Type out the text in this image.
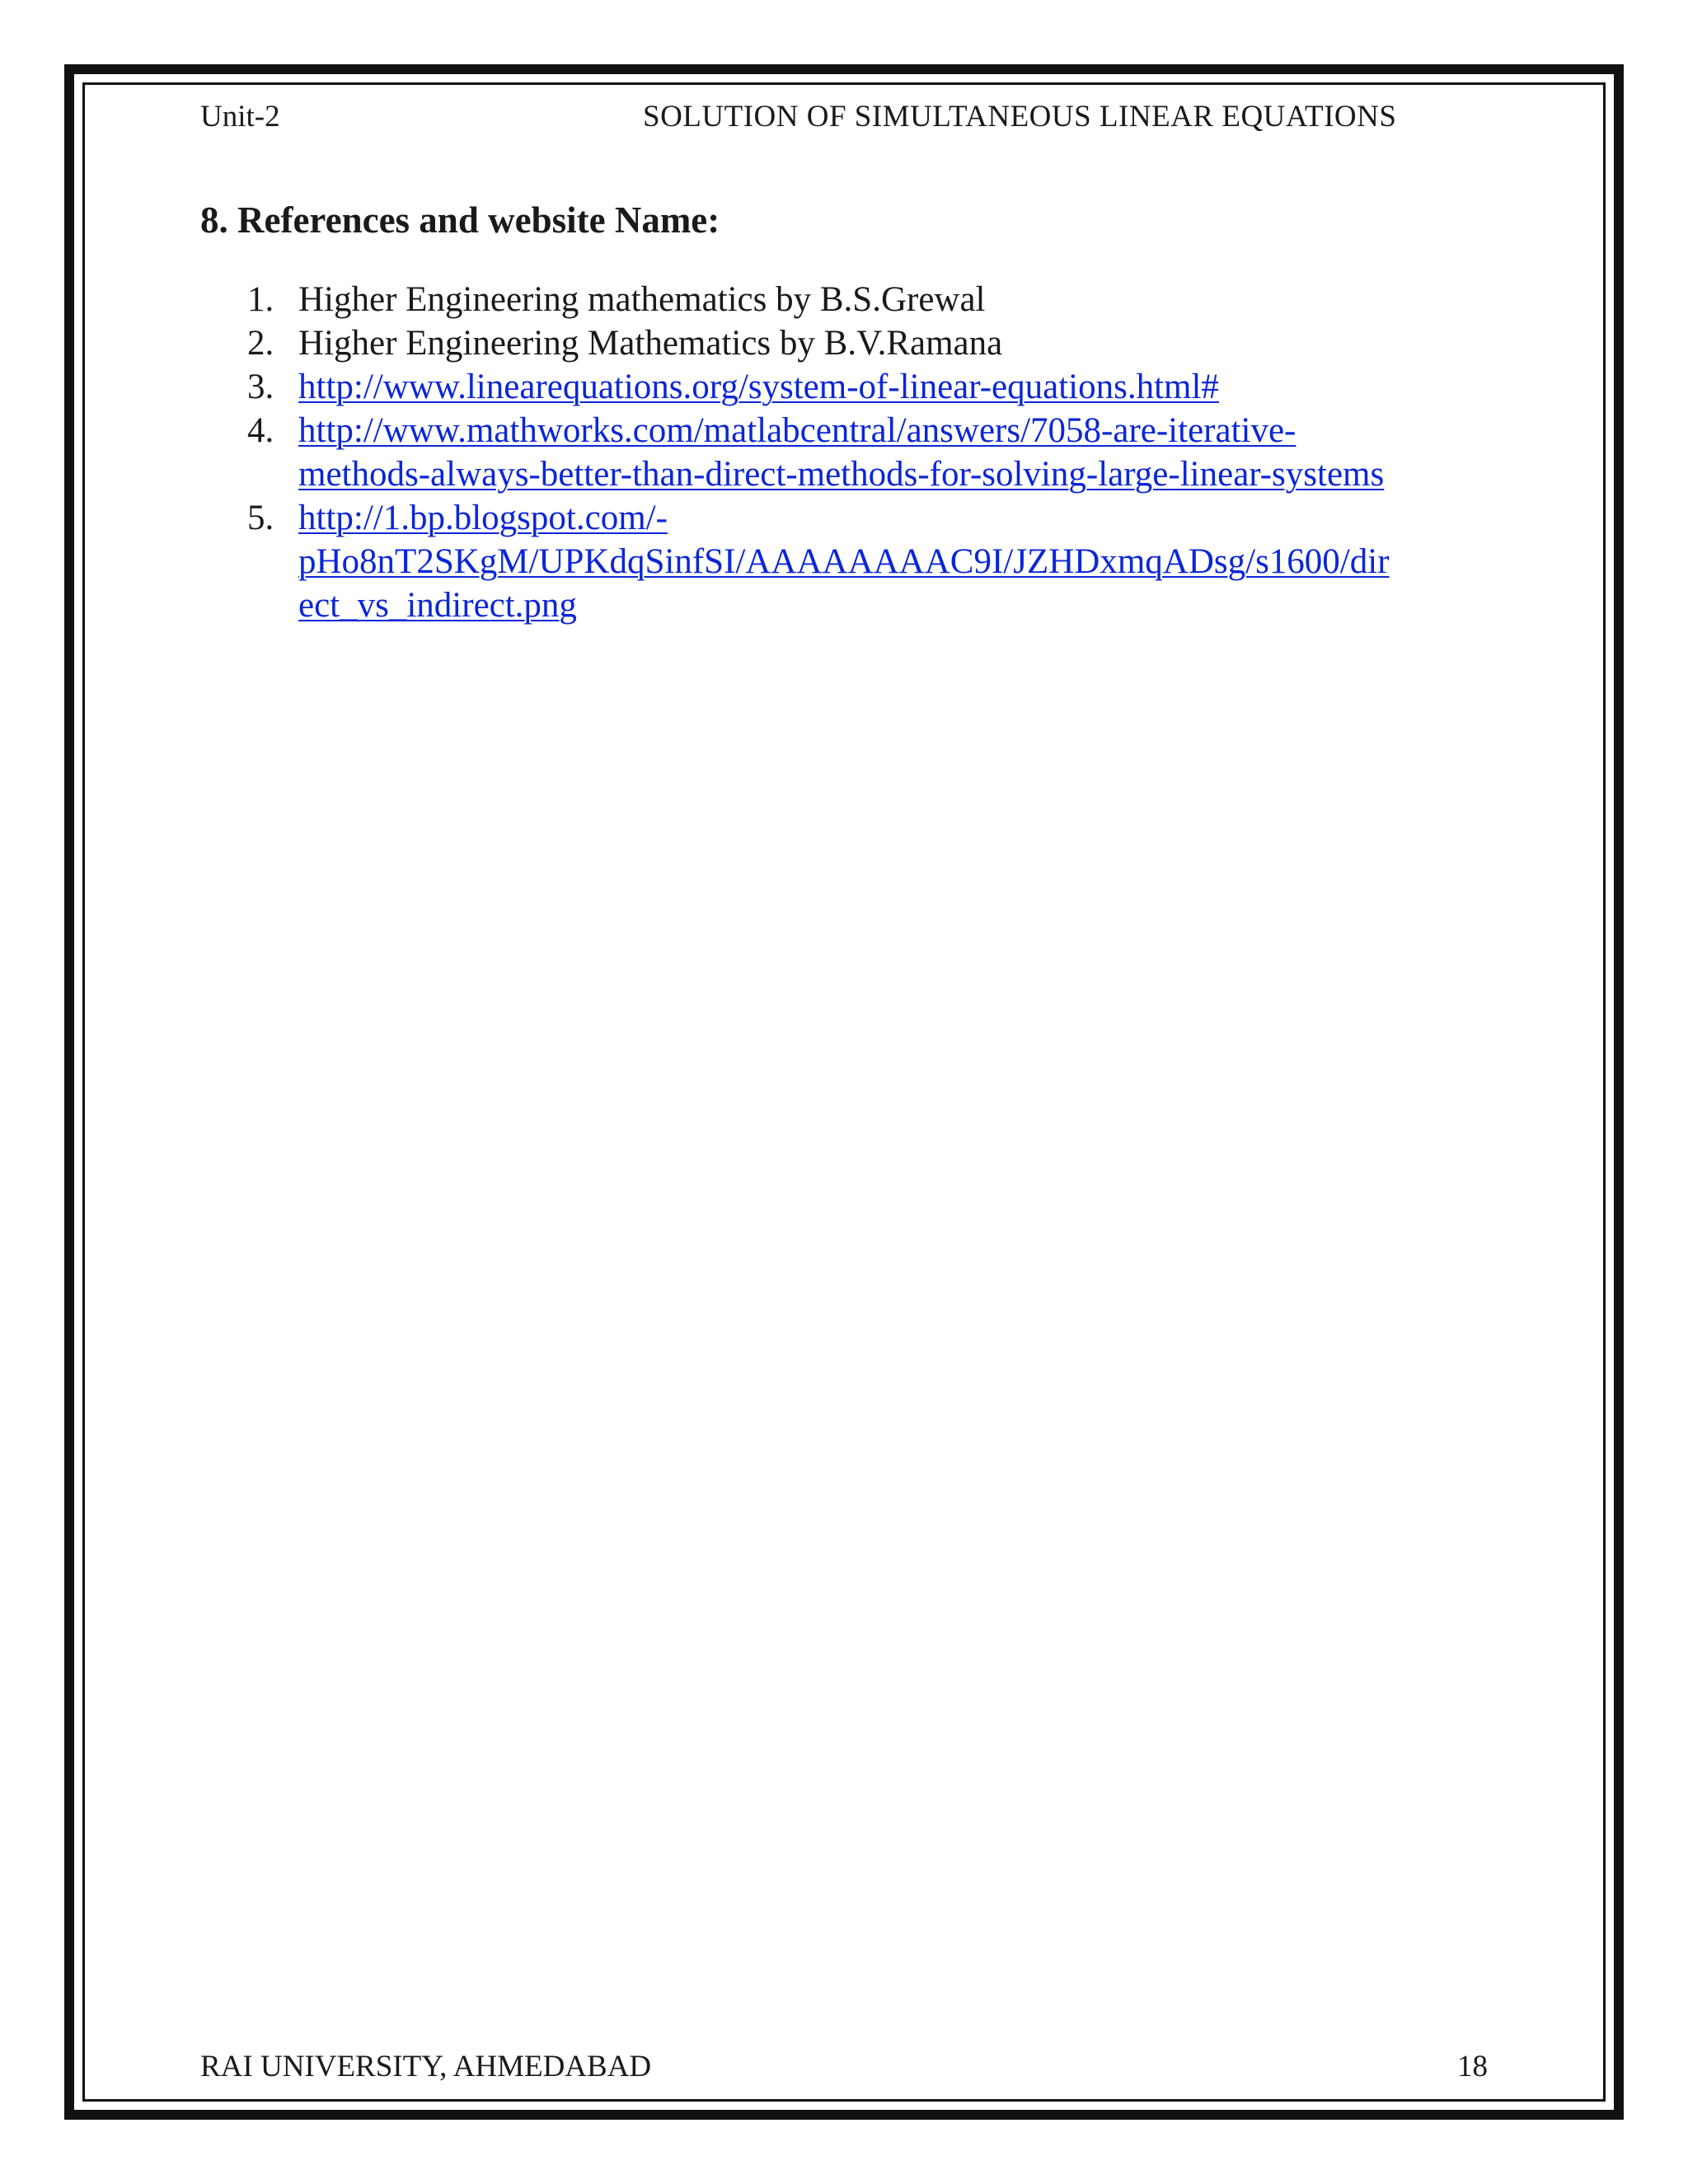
Unit-2	SOLUTION OF SIMULTANEOUS LINEAR EQUATIONS
8. References and website Name:
1. Higher Engineering mathematics by B.S.Grewal
2. Higher Engineering Mathematics by B.V.Ramana
3. http://www.linearequations.org/system-of-linear-equations.html#
4. http://www.mathworks.com/matlabcentral/answers/7058-are-iterative-
methods-always-better-than-direct-methods-for-solving-large-linear-systems
5. http://1.bp.blogspot.com/-
pHo8nT2SKgM/UPKdqSinfSI/AAAAAAAAC9I/JZHDxmqADsg/s1600/dir
ect_vs_indirect.png
RAI UNIVERSITY, AHMEDABAD	18
